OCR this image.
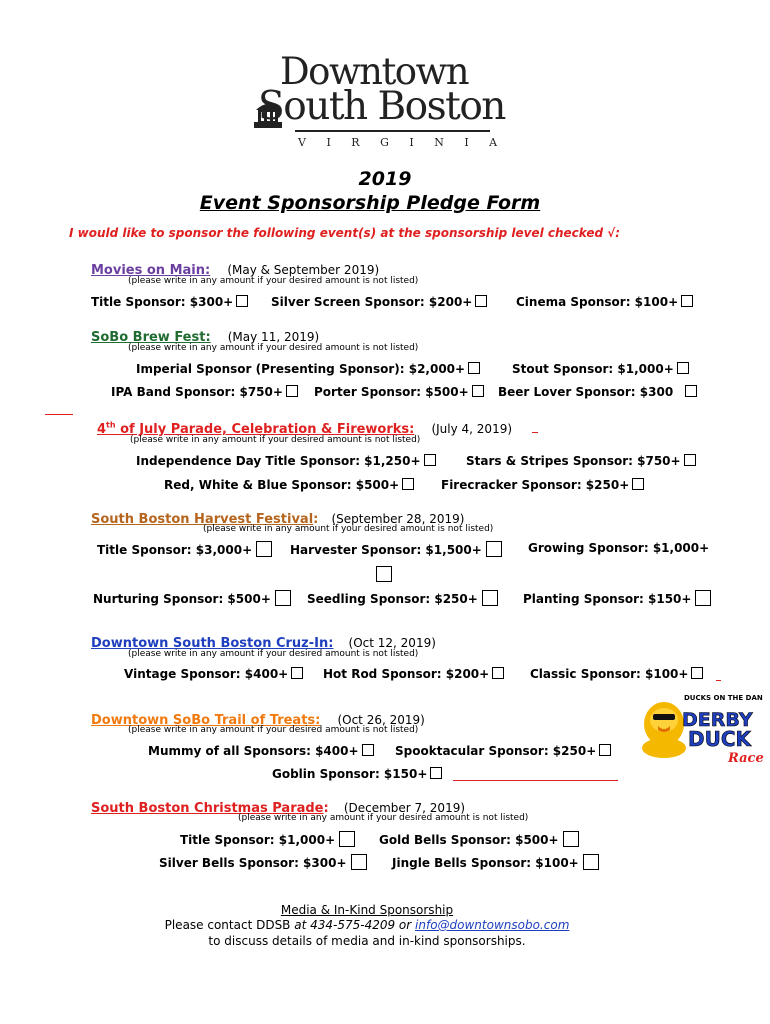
Downtown
South Boston
VIRGINIA
2019
Event Sponsorship Pledge Form
I would like to sponsor the following event(s) at the sponsorship level checked √:
Movies on Main: (May & September 2019)
(please write in any amount if your desired amount is not listed)
Title Sponsor: $300+	Silver Screen Sponsor: $200+	Cinema Sponsor: $100+
SoBo Brew Fest: (May 11, 2019)
(please write in any amount if your desired amount is not listed)
Imperial Sponsor (Presenting Sponsor): $2,000+	Stout Sponsor: $1,000+
IPA Band Sponsor: $750+	Porter Sponsor: $500+	Beer Lover Sponsor: $300
4th of July Parade, Celebration & Fireworks: (July 4, 2019)
(please write in any amount if your desired amount is not listed)
Independence Day Title Sponsor: $1,250+	Stars & Stripes Sponsor: $750+
Red, White & Blue Sponsor: $500+	Firecracker Sponsor: $250+
South Boston Harvest Festival: (September 28, 2019)
(please write in any amount if your desired amount is not listed)
Title Sponsor: $3,000+	Harvester Sponsor: $1,500+	Growing Sponsor: $1,000+
Nurturing Sponsor: $500+	Seedling Sponsor: $250+	Planting Sponsor: $150+
Downtown South Boston Cruz-In: (Oct 12, 2019)
(please write in any amount if your desired amount is not listed)
Vintage Sponsor: $400+	Hot Rod Sponsor: $200+	Classic Sponsor: $100+
Downtown SoBo Trail of Treats: (Oct 26, 2019)
(please write in any amount if your desired amount is not listed)
Mummy of all Sponsors: $400+	Spooktacular Sponsor: $250+
Goblin Sponsor: $150+
DUCKS ON THE DAN
DERBY
DUCK
Race
South Boston Christmas Parade: (December 7, 2019)
(please write in any amount if your desired amount is not listed)
Title Sponsor: $1,000+	Gold Bells Sponsor: $500+
Silver Bells Sponsor: $300+	Jingle Bells Sponsor: $100+
Media & In-Kind Sponsorship
Please contact DDSB at 434-575-4209 or info@downtownsobo.com
to discuss details of media and in-kind sponsorships.
